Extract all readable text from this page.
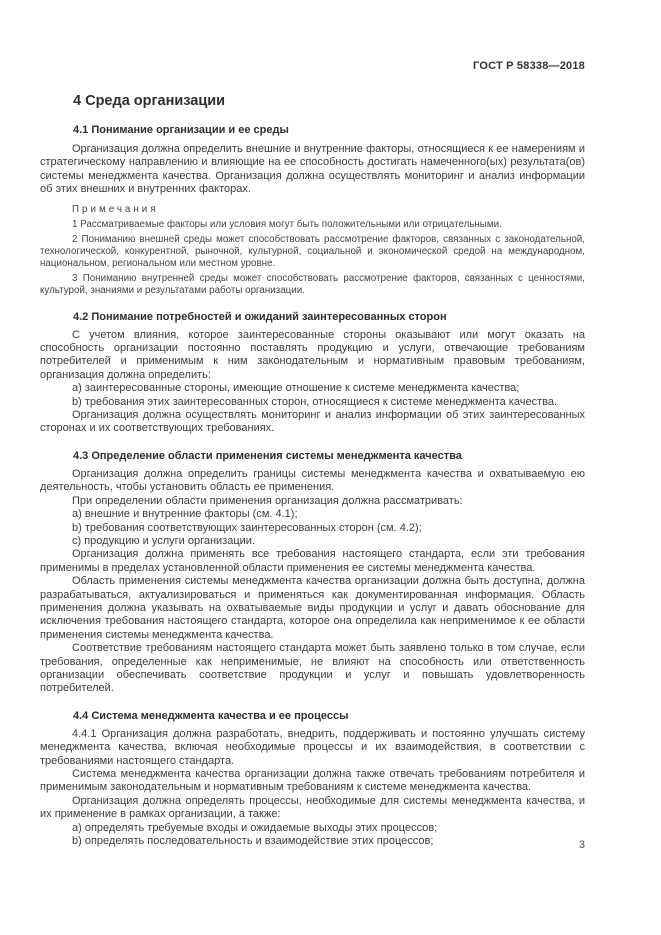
ГОСТ Р 58338—2018
4 Среда организации
4.1 Понимание организации и ее среды

Организация должна определить внешние и внутренние факторы, относящиеся к ее намерениям и стратегическому направлению и влияющие на ее способность достигать намеченного(ых) результата(ов) системы менеджмента качества. Организация должна осуществлять мониторинг и анализ информации об этих внешних и внутренних факторах.

Примечания

1 Рассматриваемые факторы или условия могут быть положительными или отрицательными.

2 Пониманию внешней среды может способствовать рассмотрение факторов, связанных с законодательной, технологической, конкурентной, рыночной, культурной, социальной и экономической средой на международном, национальном, региональном или местном уровне.

3 Пониманию внутренней среды может способствовать рассмотрение факторов, связанных с ценностями, культурой, знаниями и результатами работы организации.

4.2 Понимание потребностей и ожиданий заинтересованных сторон

С учетом влияния, которое заинтересованные стороны оказывают или могут оказать на способность организации постоянно поставлять продукцию и услуги, отвечающие требованиям потребителей и применимым к ним законодательным и нормативным правовым требованиям, организация должна определить:

a) заинтересованные стороны, имеющие отношение к системе менеджмента качества;

b) требования этих заинтересованных сторон, относящиеся к системе менеджмента качества.

Организация должна осуществлять мониторинг и анализ информации об этих заинтересованных сторонах и их соответствующих требованиях.

4.3 Определение области применения системы менеджмента качества

Организация должна определить границы системы менеджмента качества и охватываемую ею деятельность, чтобы установить область ее применения.

При определении области применения организация должна рассматривать:

a) внешние и внутренние факторы (см. 4.1);

b) требования соответствующих заинтересованных сторон (см. 4.2);

c) продукцию и услуги организации.

Организация должна применять все требования настоящего стандарта, если эти требования применимы в пределах установленной области применения ее системы менеджмента качества.

Область применения системы менеджмента качества организации должна быть доступна, должна разрабатываться, актуализироваться и применяться как документированная информация. Область применения должна указывать на охватываемые виды продукции и услуг и давать обоснование для исключения требования настоящего стандарта, которое она определила как неприменимое к ее области применения системы менеджмента качества.

Соответствие требованиям настоящего стандарта может быть заявлено только в том случае, если требования, определенные как неприменимые, не влияют на способность или ответственность организации обеспечивать соответствие продукции и услуг и повышать удовлетворенность потребителей.

4.4 Система менеджмента качества и ее процессы

4.4.1 Организация должна разработать, внедрить, поддерживать и постоянно улучшать систему менеджмента качества, включая необходимые процессы и их взаимодействия, в соответствии с требованиями настоящего стандарта.

Система менеджмента качества организации должна также отвечать требованиям потребителя и применимым законодательным и нормативным требованиям к системе менеджмента качества.

Организация должна определять процессы, необходимые для системы менеджмента качества, и их применение в рамках организации, а также:

a) определять требуемые входы и ожидаемые выходы этих процессов;

b) определять последовательность и взаимодействие этих процессов;	3
